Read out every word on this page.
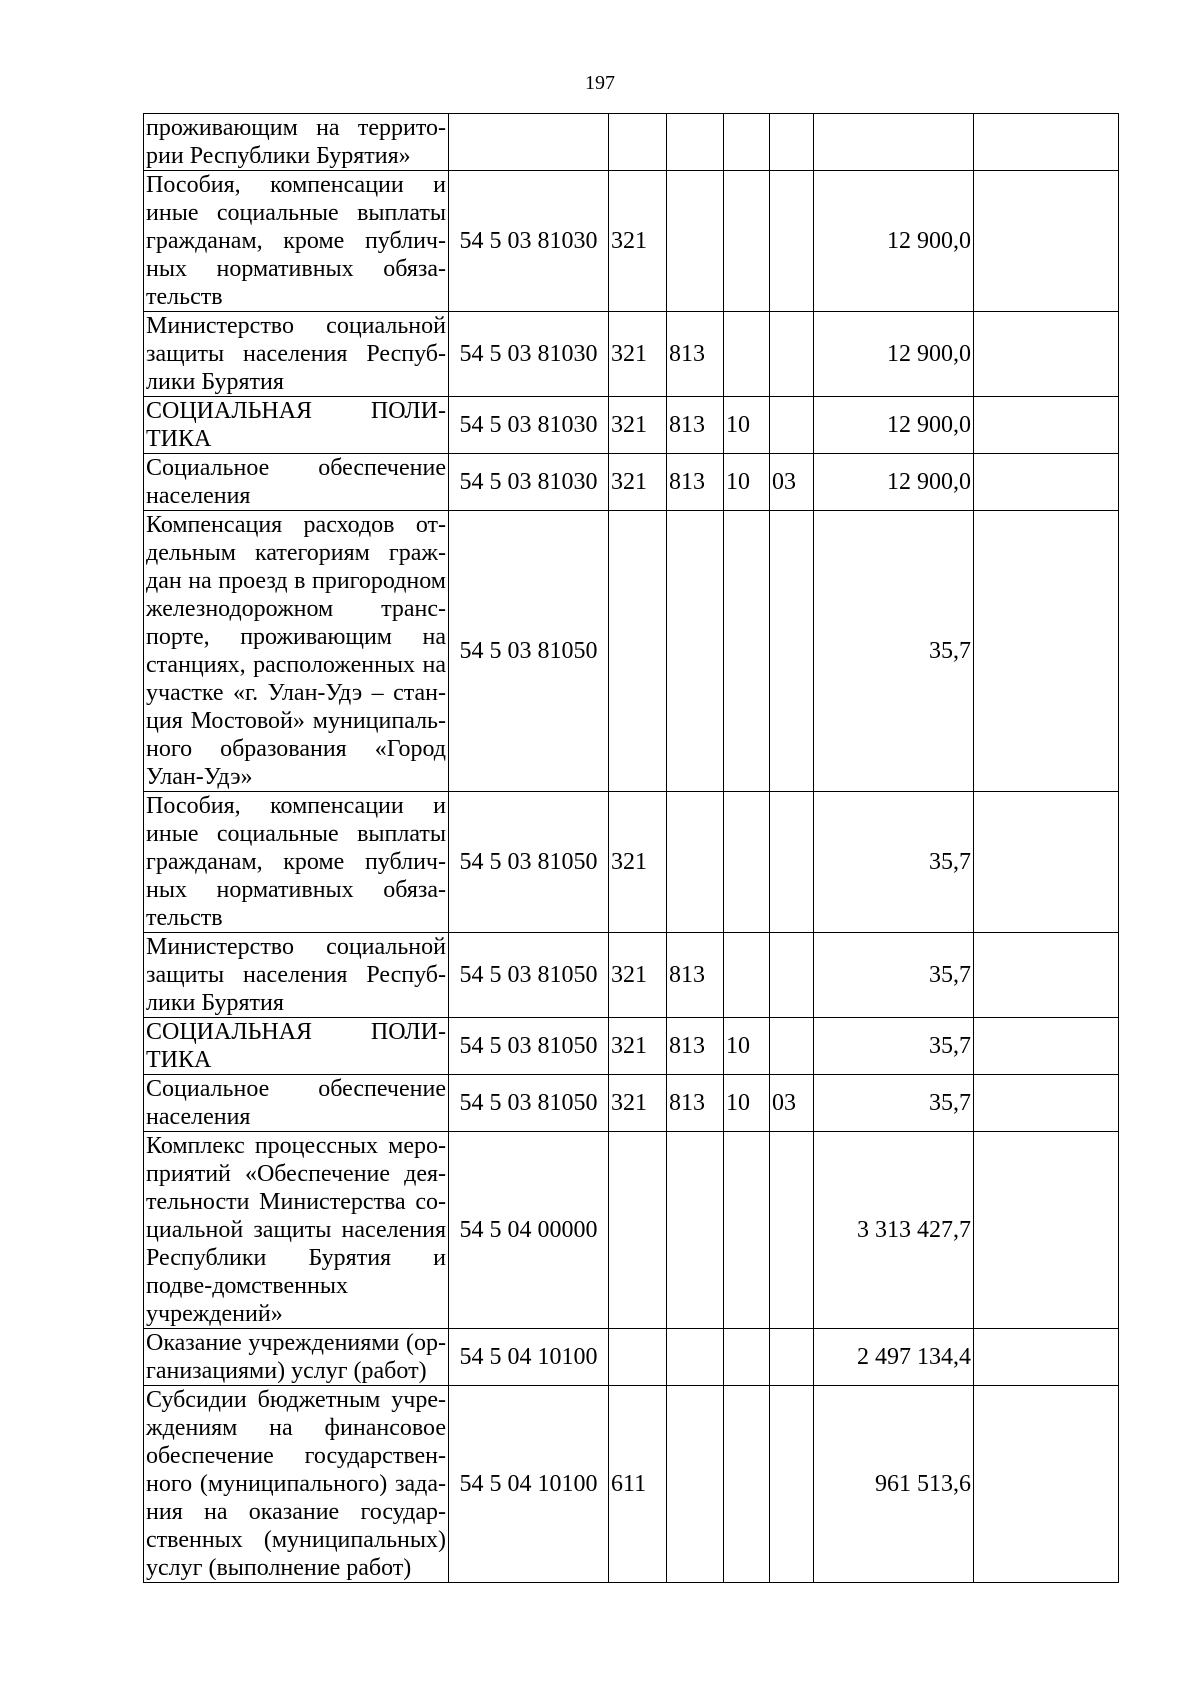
197
проживающим на террито-рии Республики Бурятия»							
Пособия, компенсации и иные социальные выплаты гражданам, кроме публич-ных нормативных обяза-тельств	54 5 03 81030	321				12 900,0	
Министерство социальной защиты населения Респуб-лики Бурятия	54 5 03 81030	321	813			12 900,0	
СОЦИАЛЬНАЯ ПОЛИ-ТИКА	54 5 03 81030	321	813	10		12 900,0	
Социальное обеспечение населения	54 5 03 81030	321	813	10	03	12 900,0	
Компенсация расходов от-дельным категориям граж-дан на проезд в пригородном железнодорожном транс-порте, проживающим на станциях, расположенных на участке «г. Улан-Удэ – стан-ция Мостовой» муниципаль-ного образования «Город Улан-Удэ»	54 5 03 81050					35,7	
Пособия, компенсации и иные социальные выплаты гражданам, кроме публич-ных нормативных обяза-тельств	54 5 03 81050	321				35,7	
Министерство социальной защиты населения Респуб-лики Бурятия	54 5 03 81050	321	813			35,7	
СОЦИАЛЬНАЯ ПОЛИ-ТИКА	54 5 03 81050	321	813	10		35,7	
Социальное обеспечение населения	54 5 03 81050	321	813	10	03	35,7	
Комплекс процессных меро-приятий «Обеспечение дея-тельности Министерства со-циальной защиты населения Республики Бурятия и подве-домственных учреждений»	54 5 04 00000					3 313 427,7	
Оказание учреждениями (ор-ганизациями) услуг (работ)	54 5 04 10100					2 497 134,4	
Субсидии бюджетным учре-ждениям на финансовое обеспечение государствен-ного (муниципального) зада-ния на оказание государ-ственных (муниципальных) услуг (выполнение работ)	54 5 04 10100	611				961 513,6	
